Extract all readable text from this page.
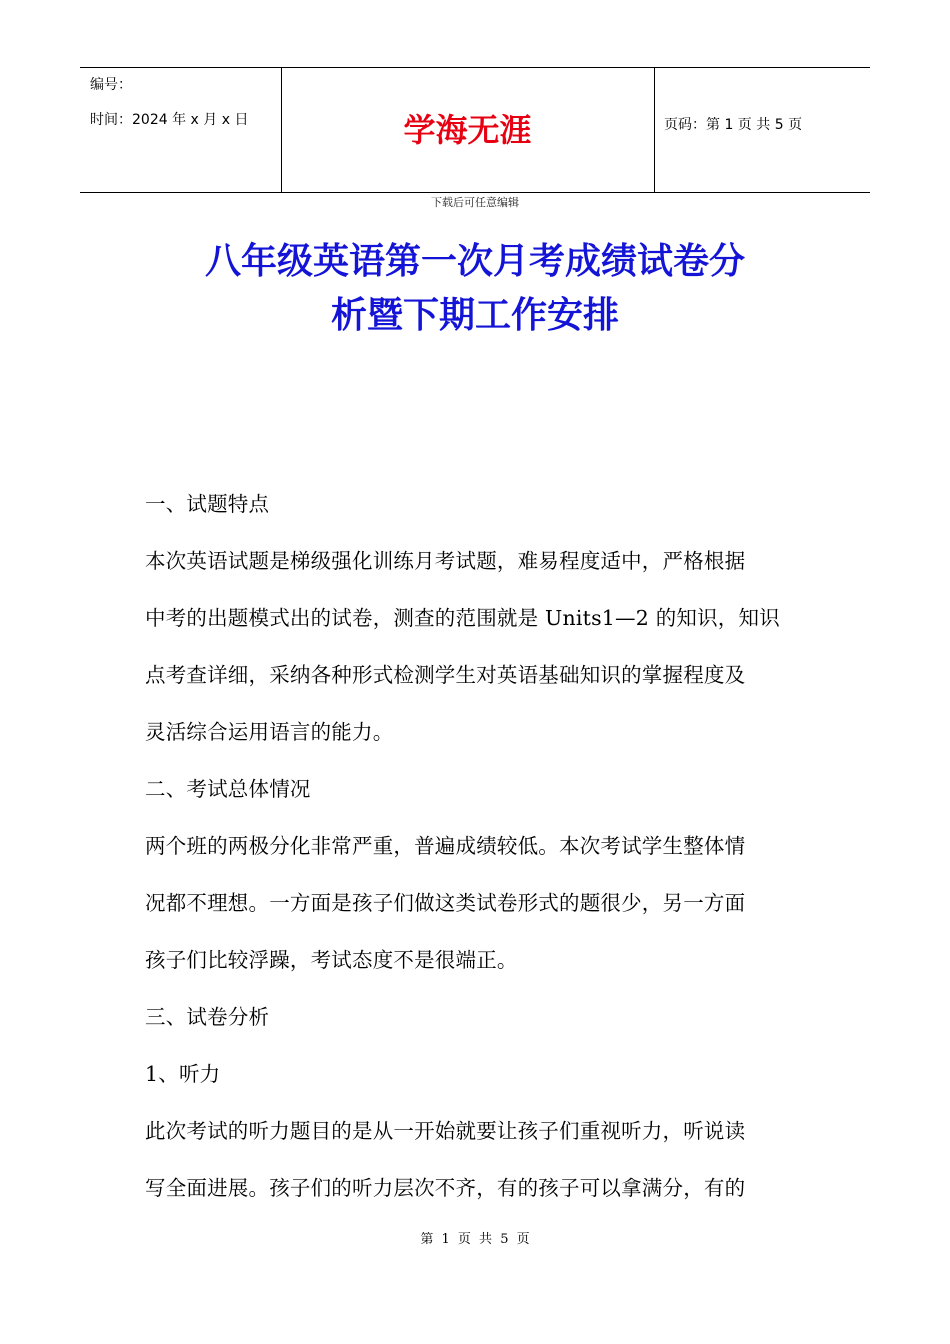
编号：
时间：2024 年 x 月 x 日	学海无涯	页码：第 1 页 共 5 页
下载后可任意编辑
八年级英语第一次月考成绩试卷分
析暨下期工作安排
一、试题特点
本次英语试题是梯级强化训练月考试题，难易程度适中，严格根据
中考的出题模式出的试卷，测查的范围就是 Units1—2 的知识，知识
点考查详细，采纳各种形式检测学生对英语基础知识的掌握程度及
灵活综合运用语言的能力。
二、考试总体情况
两个班的两极分化非常严重，普遍成绩较低。本次考试学生整体情
况都不理想。一方面是孩子们做这类试卷形式的题很少，另一方面
孩子们比较浮躁，考试态度不是很端正。
三、试卷分析
1、听力
此次考试的听力题目的是从一开始就要让孩子们重视听力，听说读
写全面进展。孩子们的听力层次不齐，有的孩子可以拿满分，有的
第 1 页 共 5 页
